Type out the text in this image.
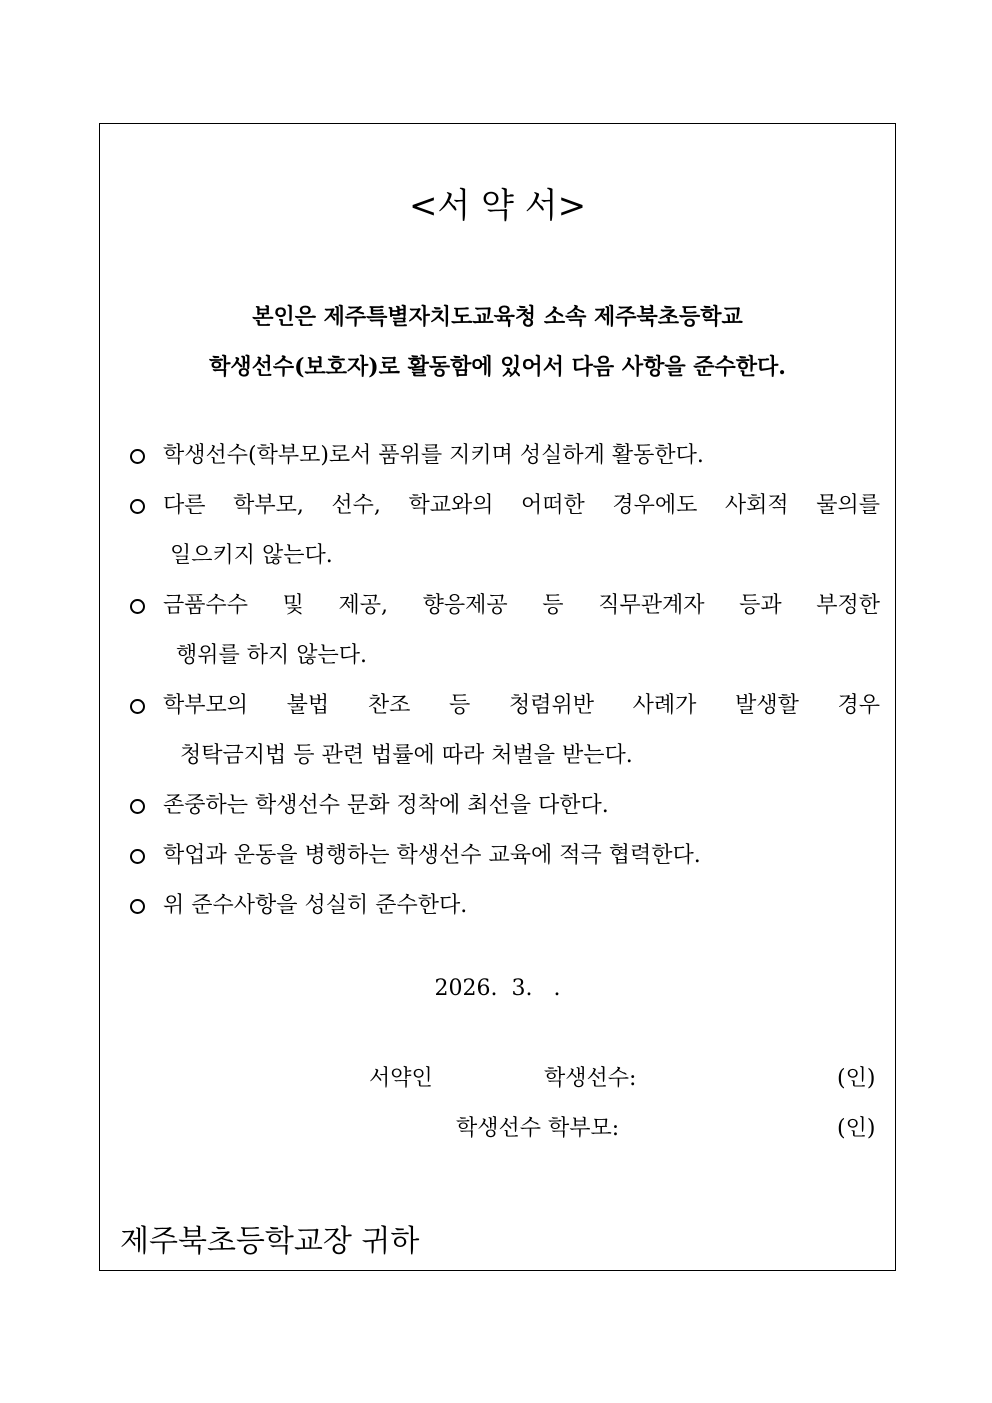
<서 약 서>
본인은 제주특별자치도교육청 소속 제주북초등학교
학생선수(보호자)로 활동함에 있어서 다음 사항을 준수한다.
학생선수(학부모)로서 품위를 지키며 성실하게 활동한다.
다른 학부모, 선수, 학교와의 어떠한 경우에도 사회적 물의를
일으키지 않는다.
금품수수 및 제공, 향응제공 등 직무관계자 등과 부정한
행위를 하지 않는다.
학부모의 불법 찬조 등 청렴위반 사례가 발생할 경우
청탁금지법 등 관련 법률에 따라 처벌을 받는다.
존중하는 학생선수 문화 정착에 최선을 다한다.
학업과 운동을 병행하는 학생선수 교육에 적극 협력한다.
위 준수사항을 성실히 준수한다.
2026.  3.   .
서약인	학생선수:	(인)
학생선수 학부모:	(인)
제주북초등학교장 귀하
